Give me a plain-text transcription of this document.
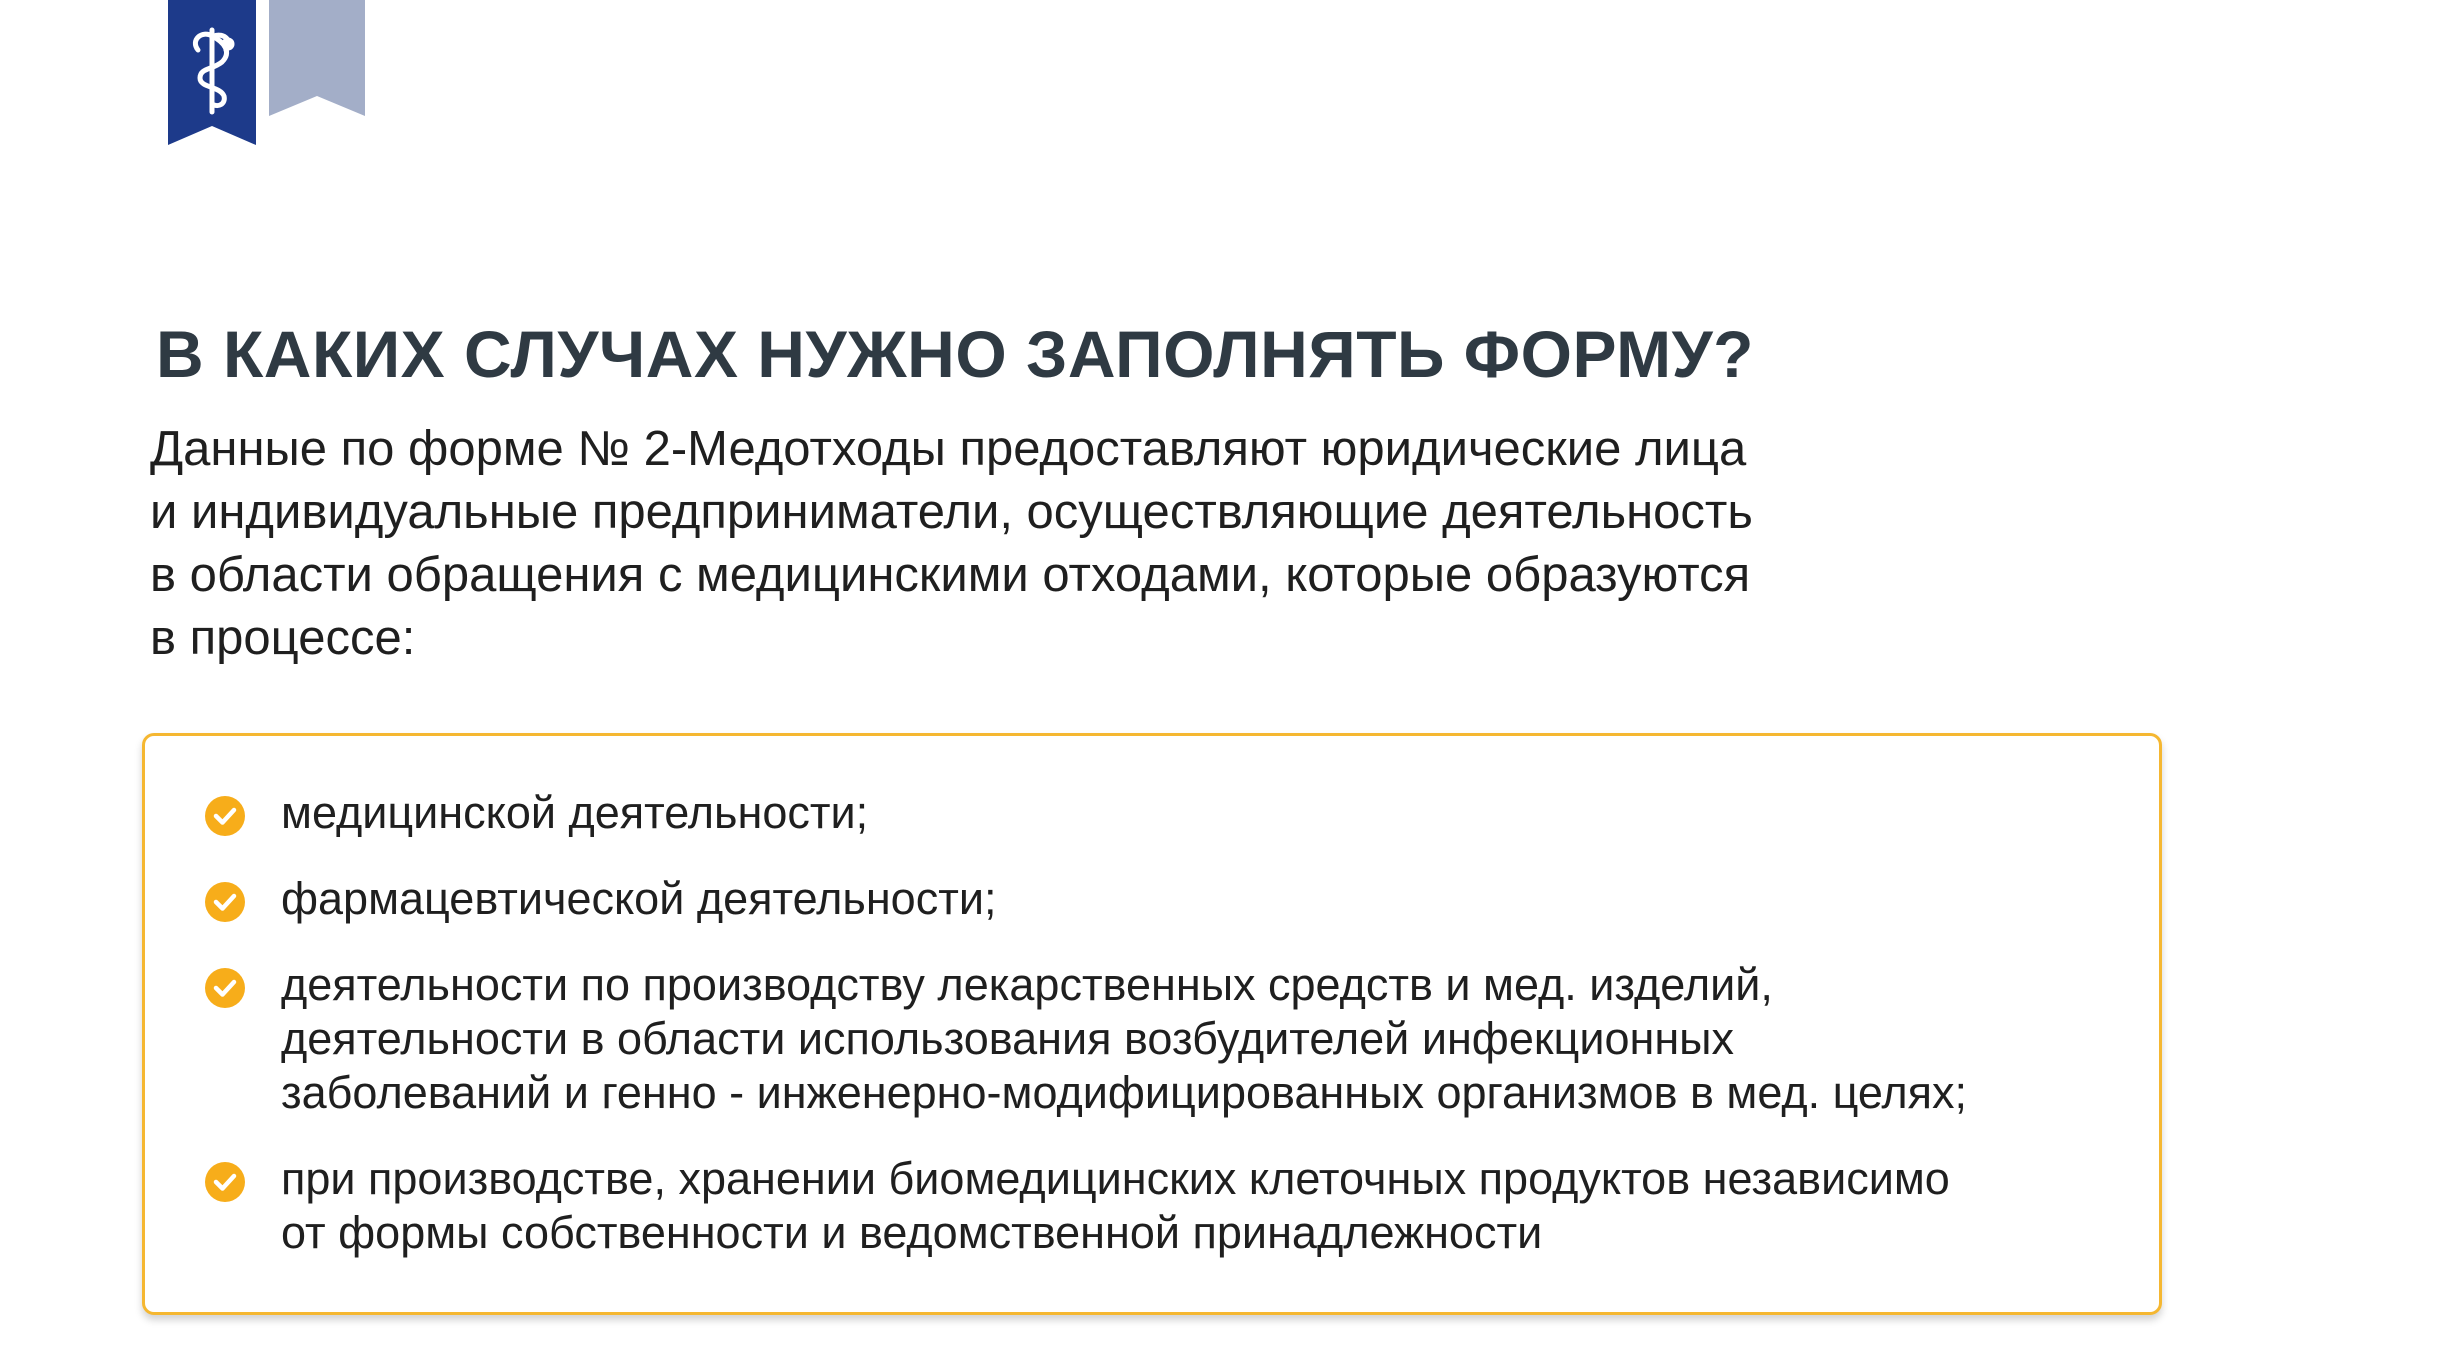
В КАКИХ СЛУЧАХ НУЖНО ЗАПОЛНЯТЬ ФОРМУ?
Данные по форме № 2-Медотходы предоставляют юридические лица
и индивидуальные предприниматели, осуществляющие деятельность
в области обращения с медицинскими отходами, которые образуются
в процессе:
медицинской деятельности;
фармацевтической деятельности;
деятельности по производству лекарственных средств и мед. изделий,
деятельности в области использования возбудителей инфекционных
заболеваний и генно - инженерно-модифицированных организмов в мед. целях;
при производстве, хранении биомедицинских клеточных продуктов независимо
от формы собственности и ведомственной принадлежности
